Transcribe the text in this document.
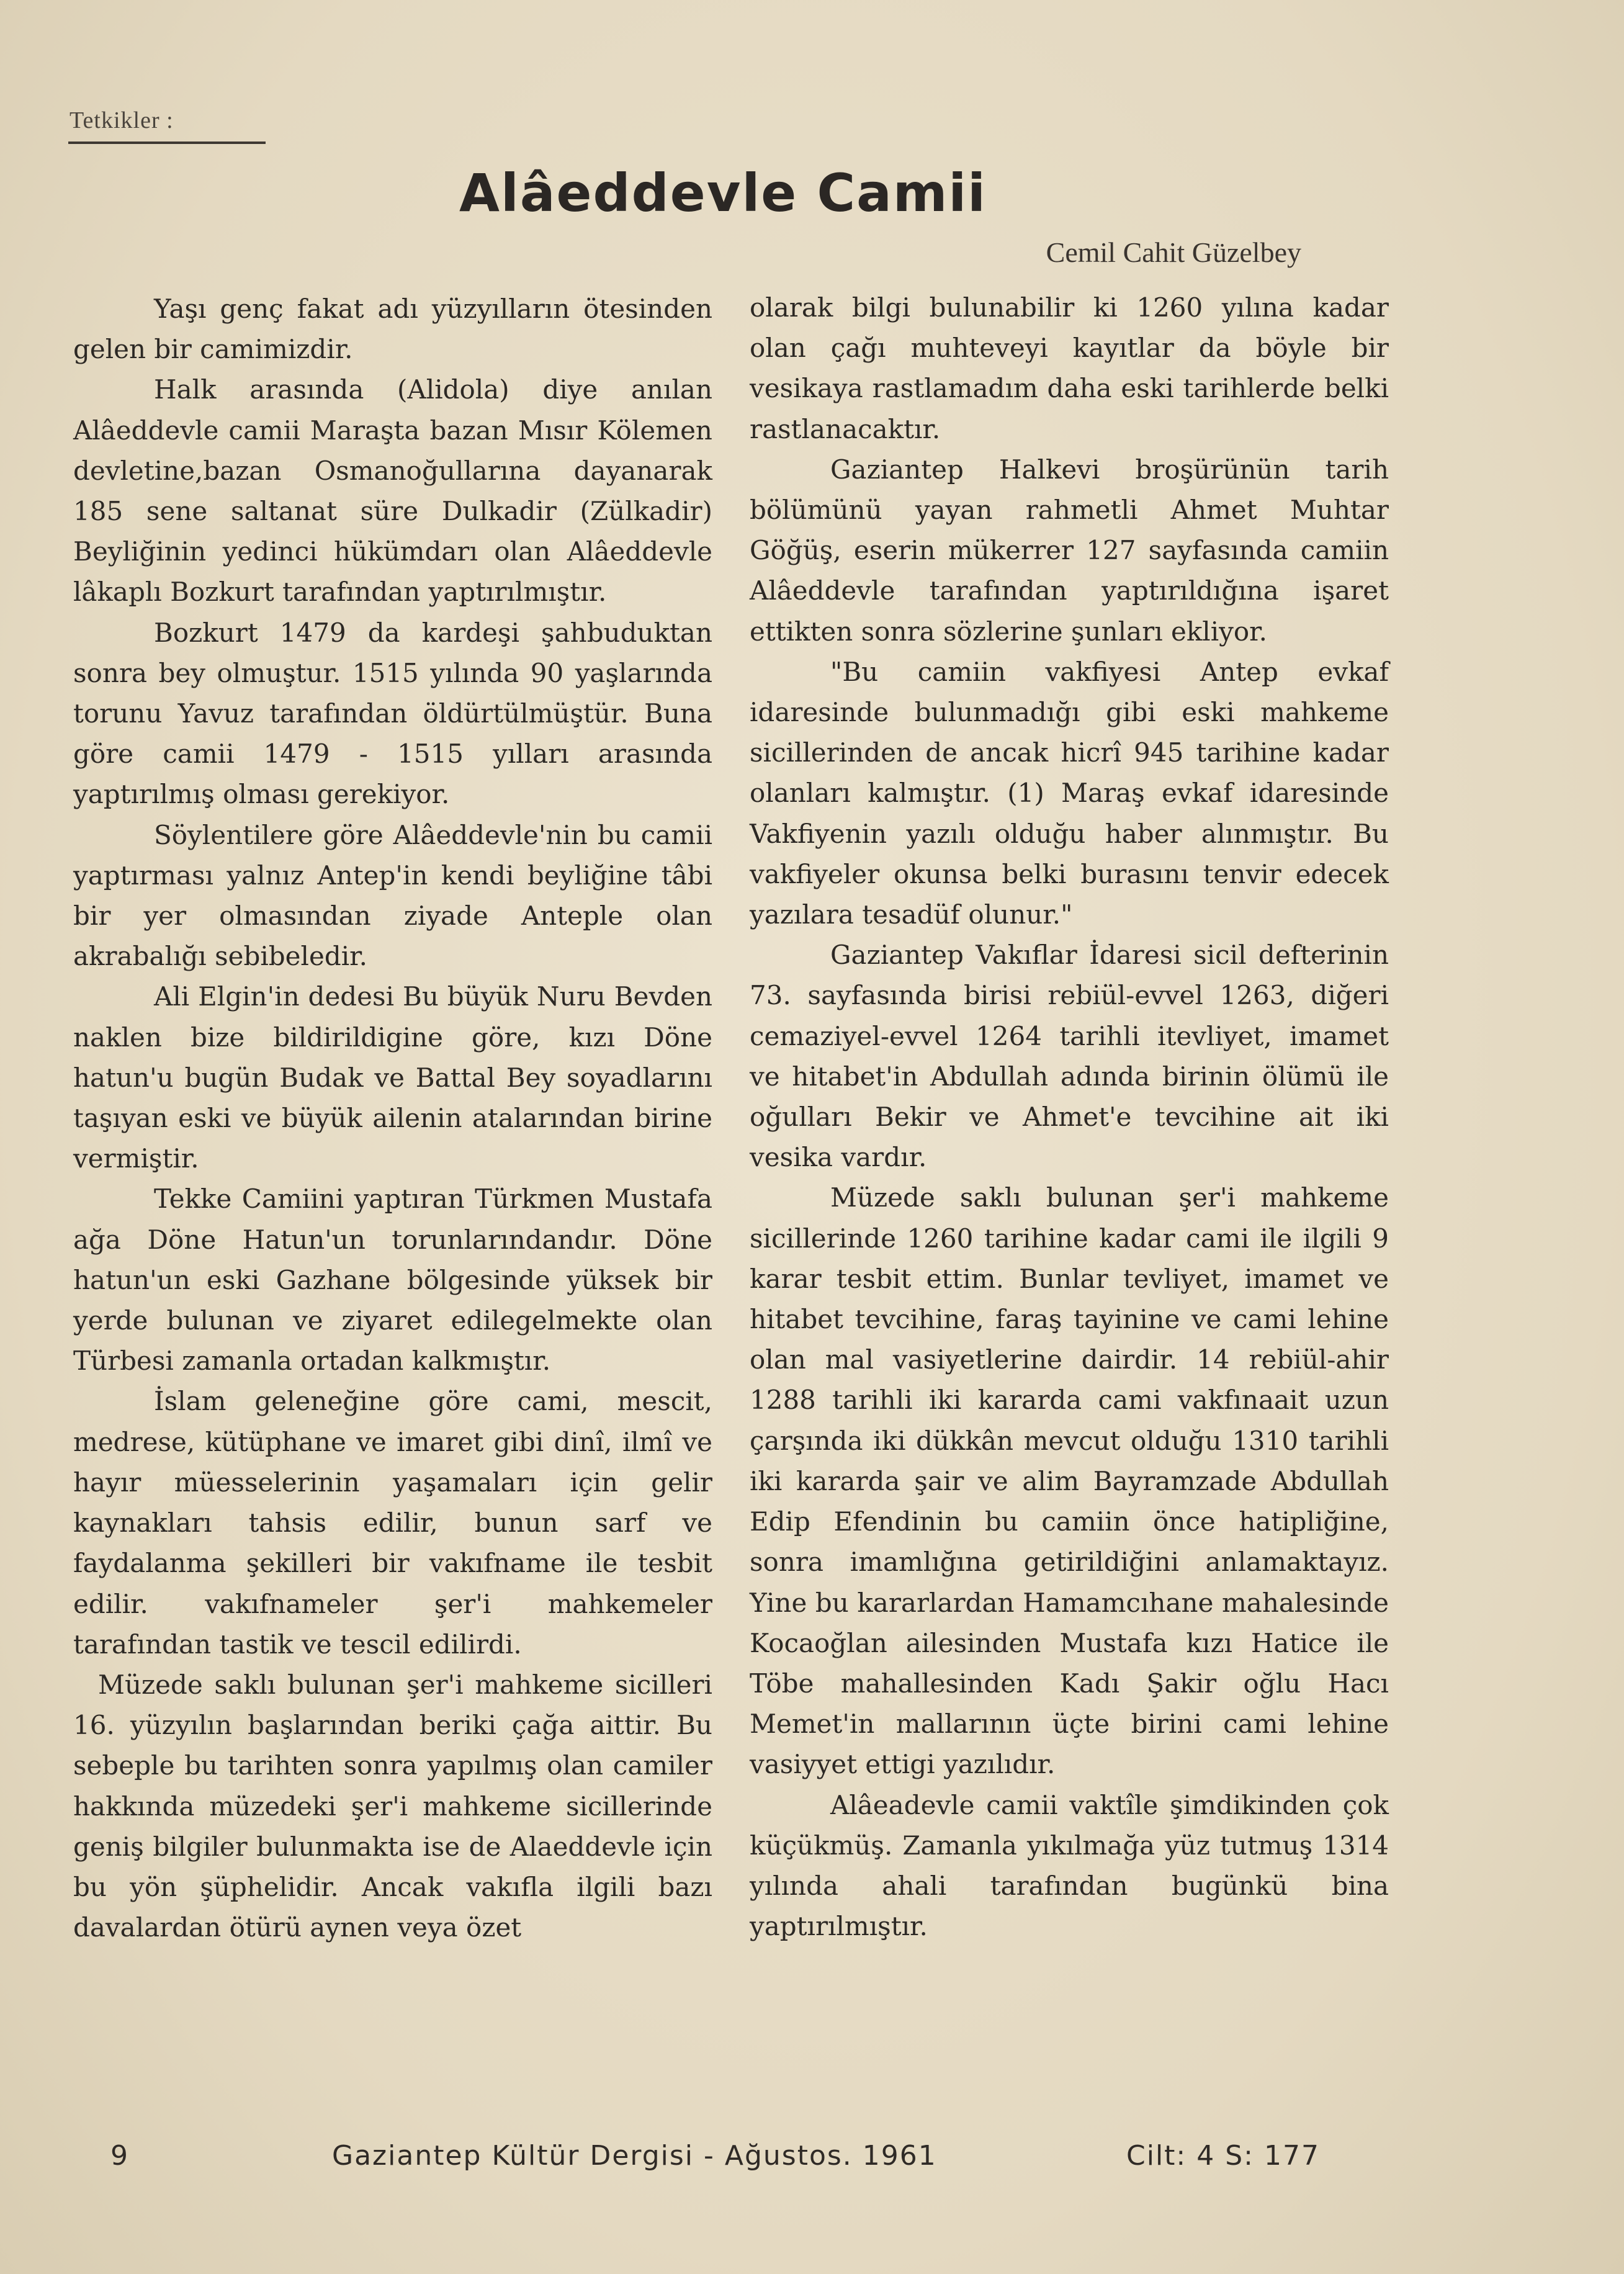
Tetkikler :
Alâeddevle Camii
Cemil Cahit Güzelbey

Yaşı genç fakat adı yüzyılların ötesinden gelen bir camimizdir.

Halk arasında (Alidola) diye anılan Alâeddevle camii Maraşta bazan Mısır Kölemen devletine,bazan Osmanoğullarına dayanarak 185 sene saltanat süre Dulkadir (Zülkadir) Beyliğinin yedinci hükümdarı olan Alâeddevle lâkaplı Bozkurt tarafından yaptırılmıştır.

Bozkurt 1479 da kardeşi şahbuduktan sonra bey olmuştur. 1515 yılında 90 yaşlarında torunu Yavuz tarafından öldürtülmüştür. Buna göre camii 1479 - 1515 yılları arasında yaptırılmış olması gerekiyor.

Söylentilere göre Alâeddevle'nin bu camii yaptırması yalnız Antep'in kendi beyliğine tâbi bir yer olmasından ziyade Anteple olan akrabalığı sebibeledir.

Ali Elgin'in dedesi Bu büyük Nuru Bevden naklen bize bildirildigine göre, kızı Döne hatun'u bugün Budak ve Battal Bey soyadlarını taşıyan eski ve büyük ailenin atalarından birine vermiştir.

Tekke Camiini yaptıran Türkmen Mustafa ağa Döne Hatun'un torunlarındandır. Döne hatun'un eski Gazhane bölgesinde yüksek bir yerde bulunan ve ziyaret edilegelmekte olan Türbesi zamanla ortadan kalkmıştır.

İslam geleneğine göre cami, mescit, medrese, kütüphane ve imaret gibi dinî, ilmî ve hayır müesselerinin yaşamaları için gelir kaynakları tahsis edilir, bunun sarf ve faydalanma şekilleri bir vakıfname ile tesbit edilir. vakıfnameler şer'i mahkemeler tarafından tastik ve tescil edilirdi.

Müzede saklı bulunan şer'i mahkeme sicilleri 16. yüzyılın başlarından beriki çağa aittir. Bu sebeple bu tarihten sonra yapılmış olan camiler hakkında müzedeki şer'i mahkeme sicillerinde geniş bilgiler bulunmakta ise de Alaeddevle için bu yön şüphelidir. Ancak vakıfla ilgili bazı davalardan ötürü aynen veya özet

olarak bilgi bulunabilir ki 1260 yılına kadar olan çağı muhteveyi kayıtlar da böyle bir vesikaya rastlamadım daha eski tarihlerde belki rastlanacaktır.

Gaziantep Halkevi broşürünün tarih bölümünü yayan rahmetli Ahmet Muhtar Göğüş, eserin mükerrer 127 sayfasında camiin Alâeddevle tarafından yaptırıldığına işaret ettikten sonra sözlerine şunları ekliyor.

"Bu camiin vakfiyesi Antep evkaf idaresinde bulunmadığı gibi eski mahkeme sicillerinden de ancak hicrî 945 tarihine kadar olanları kalmıştır. (1) Maraş evkaf idaresinde Vakfiyenin yazılı olduğu haber alınmıştır. Bu vakfiyeler okunsa belki burasını tenvir edecek yazılara tesadüf olunur."

Gaziantep Vakıflar İdaresi sicil defterinin 73. sayfasında birisi rebiül-evvel 1263, diğeri cemaziyel-evvel 1264 tarihli itevliyet, imamet ve hitabet'in Abdullah adında birinin ölümü ile oğulları Bekir ve Ahmet'e tevcihine ait iki vesika vardır.

Müzede saklı bulunan şer'i mahkeme sicillerinde 1260 tarihine kadar cami ile ilgili 9 karar tesbit ettim. Bunlar tevliyet, imamet ve hitabet tevcihine, faraş tayinine ve cami lehine olan mal vasiyetlerine dairdir. 14 rebiül-ahir 1288 tarihli iki kararda cami vakfınaait uzun çarşında iki dükkân mevcut olduğu 1310 tarihli iki kararda şair ve alim Bayramzade Abdullah Edip Efendinin bu camiin önce hatipliğine, sonra imamlığına getirildiğini anlamaktayız. Yine bu kararlardan Hamamcıhane mahalesinde Kocaoğlan ailesinden Mustafa kızı Hatice ile Töbe mahallesinden Kadı Şakir oğlu Hacı Memet'in mallarının üçte birini cami lehine vasiyyet ettigi yazılıdır.

Alâeadevle camii vaktîle şimdikinden çok küçükmüş. Zamanla yıkılmağa yüz tutmuş 1314 yılında ahali tarafından bugünkü bina yaptırılmıştır.

9	Gaziantep Kültür Dergisi - Ağustos. 1961	Cilt: 4 S: 177
